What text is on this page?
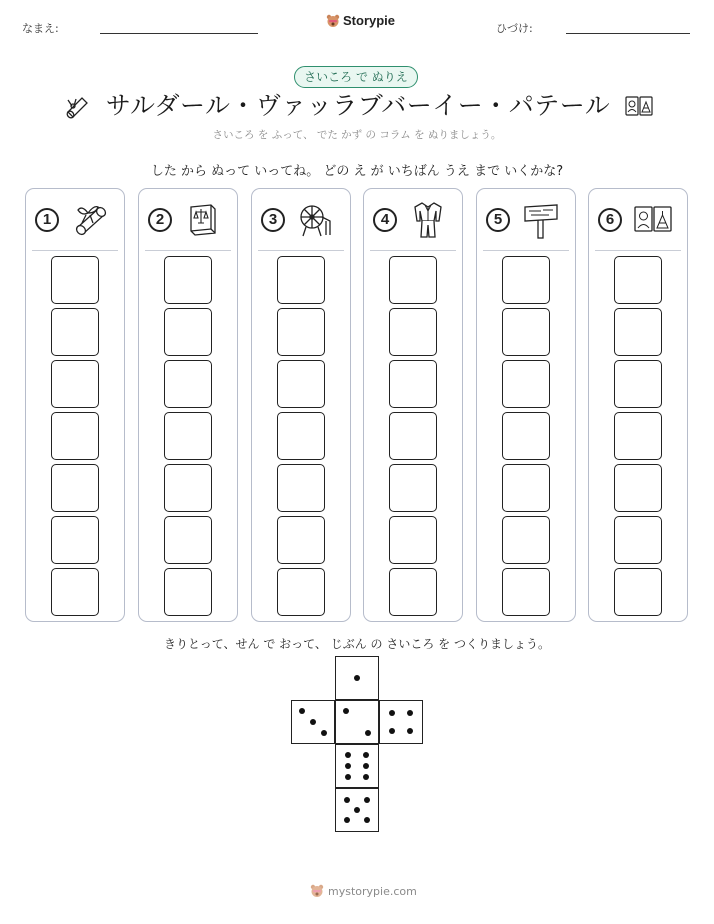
なまえ:
Storypie
ひづけ:
さいころ で ぬりえ
サルダール・ヴァッラブバーイー・パテール
さいころ を ふって、 でた かず の コラム を ぬりましょう。
した から ぬって いってね。 どの え が いちばん うえ まで いくかな?
1	2	3	4	5	6
きりとって、せん で おって、 じぶん の さいころ を つくりましょう。
mystorypie.com
